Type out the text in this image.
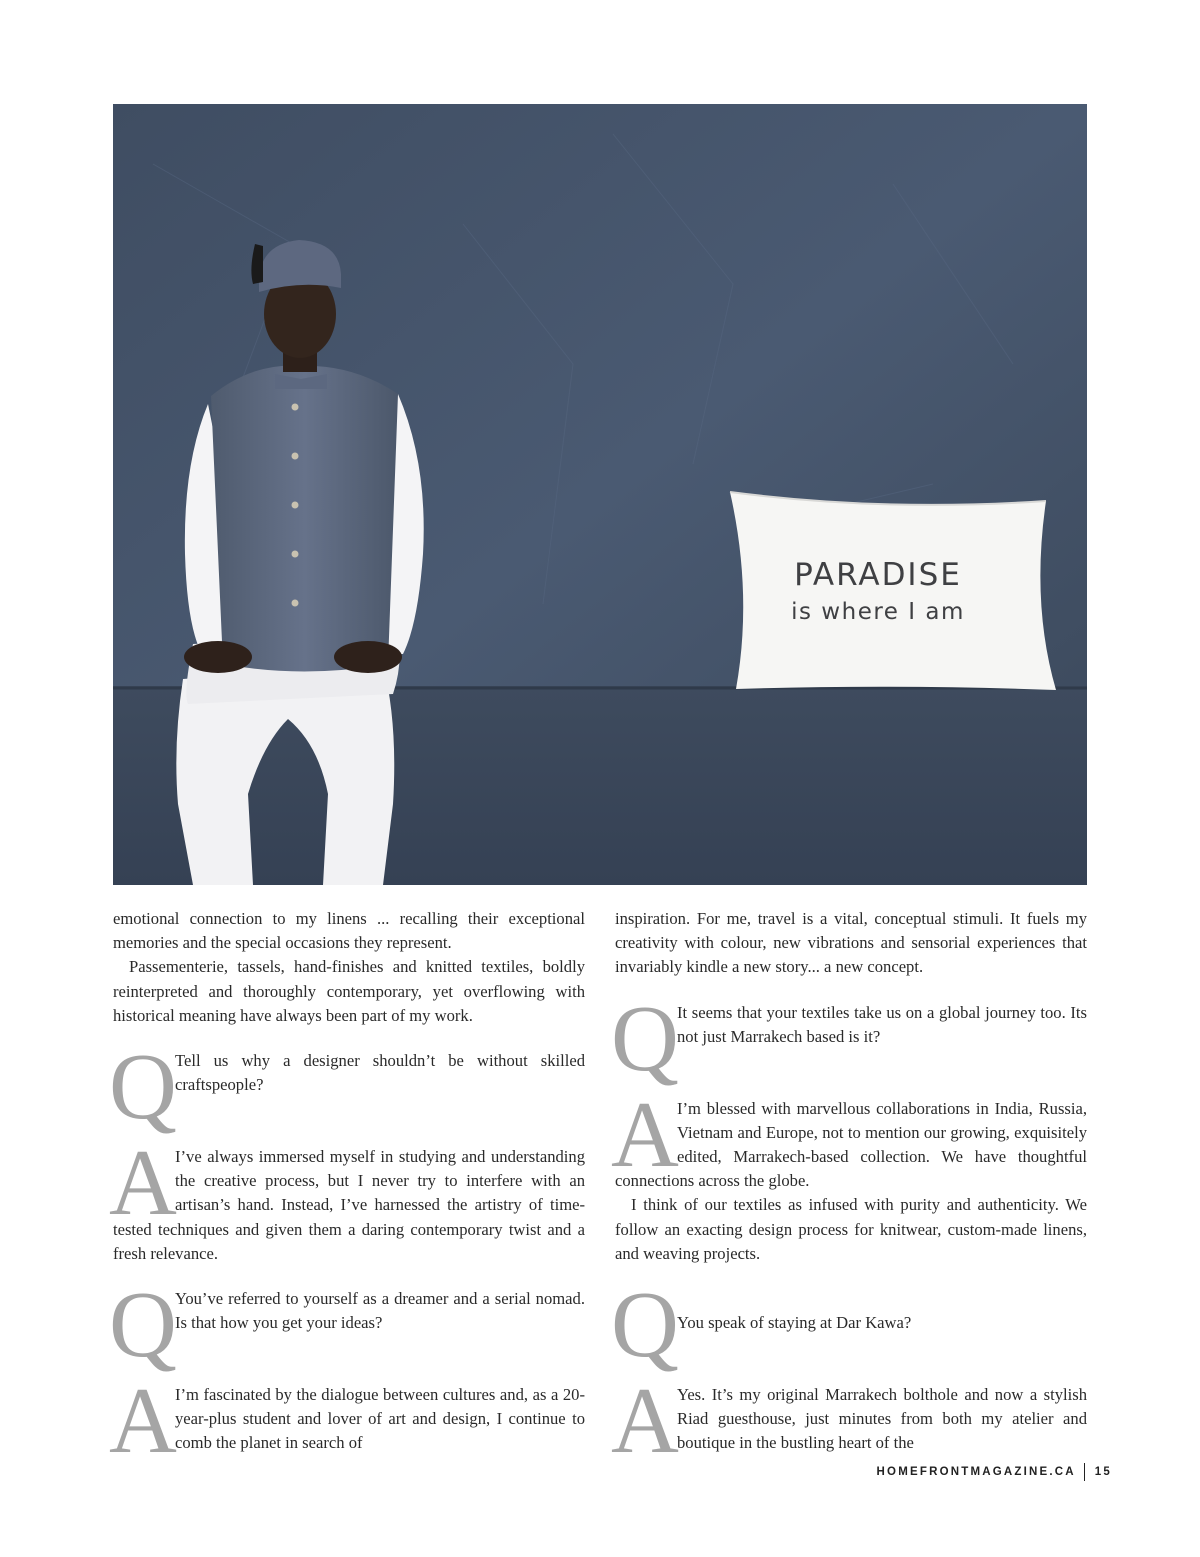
PARADISE
is where I am

emotional connection to my linens ... recalling their exceptional memories and the special occasions they represent.

Passementerie, tassels, hand-finishes and knitted textiles, boldly reinterpreted and thoroughly contemporary, yet overflowing with historical meaning have always been part of my work.

Q

Tell us why a designer shouldn’t be without skilled craftspeople?

A

I’ve always immersed myself in studying and understanding the creative process, but I never try to interfere with an artisan’s hand. Instead, I’ve harnessed the artistry of time-tested techniques and given them a daring contemporary twist and a fresh relevance.

Q

You’ve referred to yourself as a dreamer and a serial nomad. Is that how you get your ideas?

A

I’m fascinated by the dialogue between cultures and, as a 20-year-plus student and lover of art and design, I continue to comb the planet in search of

inspiration. For me, travel is a vital, conceptual stimuli. It fuels my creativity with colour, new vibrations and sensorial experiences that invariably kindle a new story... a new concept.

Q

It seems that your textiles take us on a global journey too. Its not just Marrakech based is it?

A

I’m blessed with marvellous collaborations in India, Russia, Vietnam and Europe, not to mention our growing, exquisitely edited, Marrakech-based collection. We have thoughtful connections across the globe.

I think of our textiles as infused with purity and authenticity. We follow an exacting design process for knitwear, custom-made linens, and weaving projects.

Q

You speak of staying at Dar Kawa?

A

Yes. It’s my original Marrakech bolthole and now a stylish Riad guesthouse, just minutes from both my atelier and boutique in the bustling heart of the

HOMEFRONTMAGAZINE.CA 15
